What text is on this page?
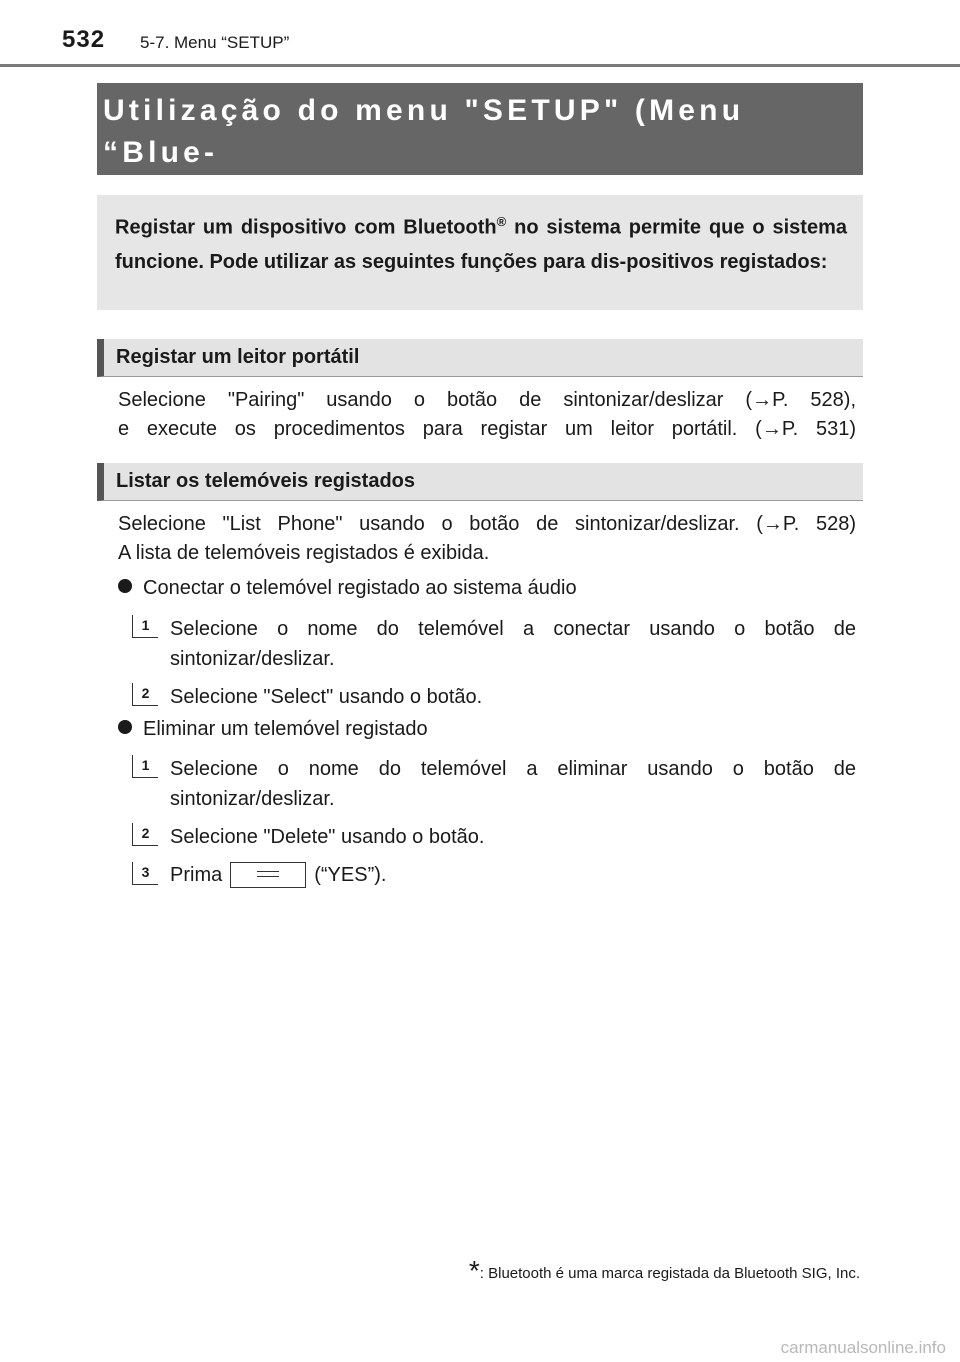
532 5-7. Menu “SETUP”
Utilização do menu "SETUP" (Menu “Blue-
Registar um dispositivo com Bluetooth® no sistema permite que o sistema funcione. Pode utilizar as seguintes funções para dis-positivos registados:
Registar um leitor portátil
Selecione "Pairing" usando o botão de sintonizar/deslizar (→P. 528),
e execute os procedimentos para registar um leitor portátil. (→P. 531)
Listar os telemóveis registados
Selecione "List Phone" usando o botão de sintonizar/deslizar. (→P. 528)
A lista de telemóveis registados é exibida.
Conectar o telemóvel registado ao sistema áudio
1	Selecione o nome do telemóvel a conectar usando o botão de
sintonizar/deslizar.
2	Selecione "Select" usando o botão.
Eliminar um telemóvel registado
1	Selecione o nome do telemóvel a eliminar usando o botão de
sintonizar/deslizar.
2	Selecione "Delete" usando o botão.
3	Prima	(“YES”).
*: Bluetooth é uma marca registada da Bluetooth SIG, Inc.
carmanualsonline.info
